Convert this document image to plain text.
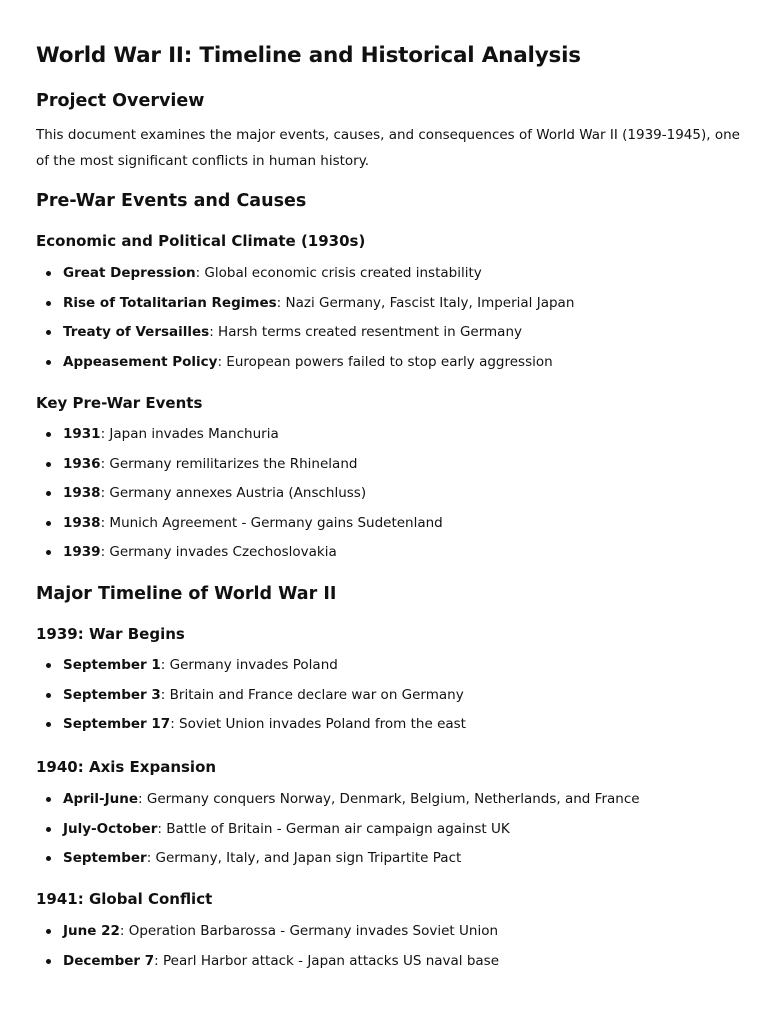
World War II: Timeline and Historical Analysis
Project Overview

This document examines the major events, causes, and consequences of World War II (1939-1945), one of the most significant conflicts in human history.

Pre-War Events and Causes
Economic and Political Climate (1930s)
Great Depression: Global economic crisis created instability
Rise of Totalitarian Regimes: Nazi Germany, Fascist Italy, Imperial Japan
Treaty of Versailles: Harsh terms created resentment in Germany
Appeasement Policy: European powers failed to stop early aggression
Key Pre-War Events
1931: Japan invades Manchuria
1936: Germany remilitarizes the Rhineland
1938: Germany annexes Austria (Anschluss)
1938: Munich Agreement - Germany gains Sudetenland
1939: Germany invades Czechoslovakia
Major Timeline of World War II
1939: War Begins
September 1: Germany invades Poland
September 3: Britain and France declare war on Germany
September 17: Soviet Union invades Poland from the east
1940: Axis Expansion
April-June: Germany conquers Norway, Denmark, Belgium, Netherlands, and France
July-October: Battle of Britain - German air campaign against UK
September: Germany, Italy, and Japan sign Tripartite Pact
1941: Global Conflict
June 22: Operation Barbarossa - Germany invades Soviet Union
December 7: Pearl Harbor attack - Japan attacks US naval base
